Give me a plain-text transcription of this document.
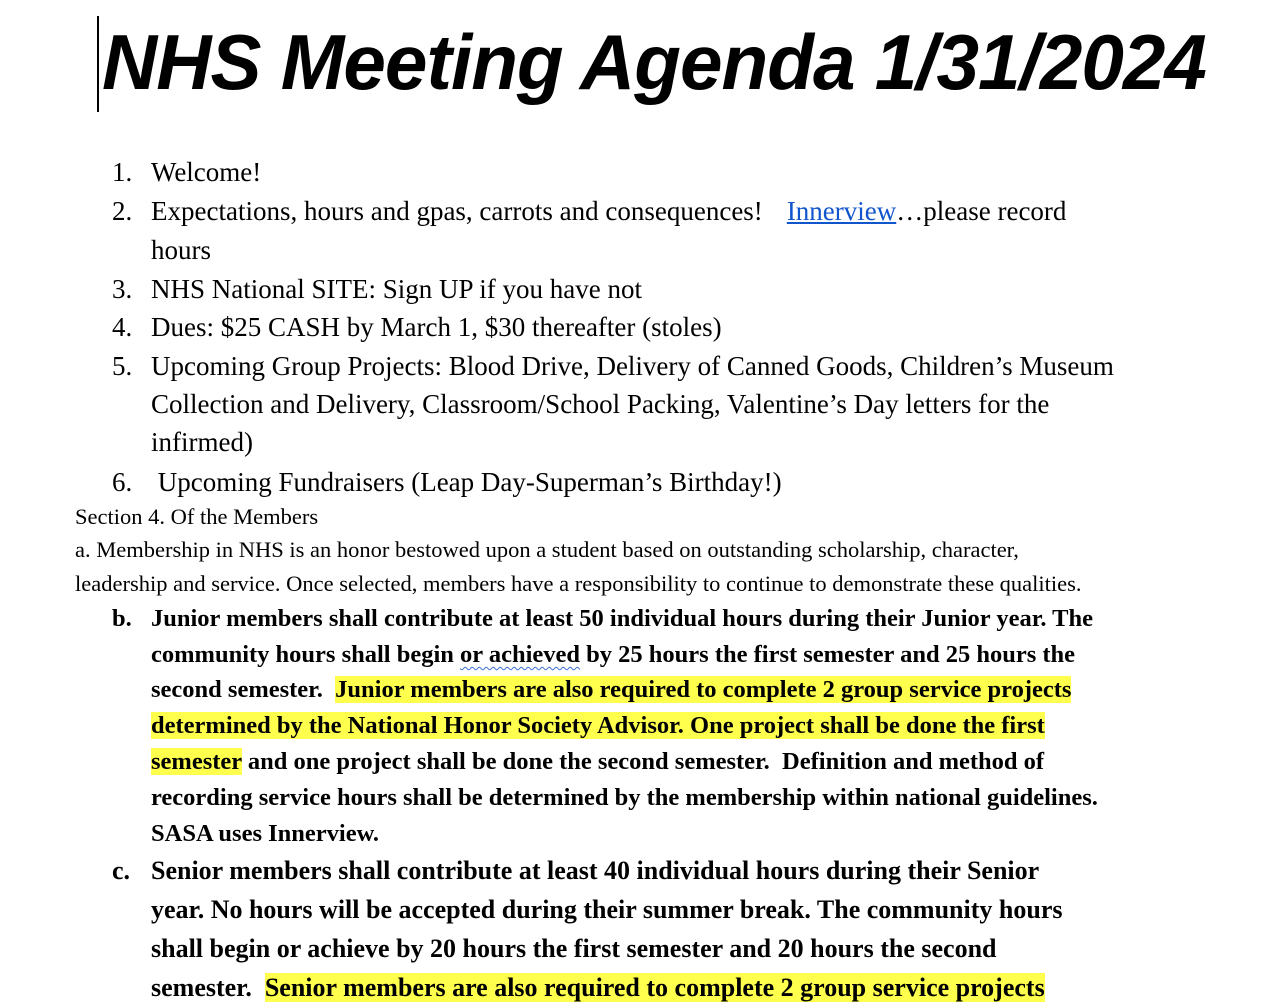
NHS Meeting Agenda 1/31/2024
1. Welcome!
2. Expectations, hours and gpas, carrots and consequences! Innerview…please record
hours
3. NHS National SITE: Sign UP if you have not
4. Dues: $25 CASH by March 1, $30 thereafter (stoles)
5. Upcoming Group Projects: Blood Drive, Delivery of Canned Goods, Children’s Museum
Collection and Delivery, Classroom/School Packing, Valentine’s Day letters for the
infirmed)
6. Upcoming Fundraisers (Leap Day-Superman’s Birthday!)
Section 4. Of the Members
a. Membership in NHS is an honor bestowed upon a student based on outstanding scholarship, character,
leadership and service. Once selected, members have a responsibility to continue to demonstrate these qualities.
b. Junior members shall contribute at least 50 individual hours during their Junior year. The
community hours shall begin or achieved by 25 hours the first semester and 25 hours the
second semester.  Junior members are also required to complete 2 group service projects
determined by the National Honor Society Advisor. One project shall be done the first
semester and one project shall be done the second semester.  Definition and method of
recording service hours shall be determined by the membership within national guidelines.
SASA uses Innerview.
c. Senior members shall contribute at least 40 individual hours during their Senior
year. No hours will be accepted during their summer break. The community hours
shall begin or achieve by 20 hours the first semester and 20 hours the second
semester.  Senior members are also required to complete 2 group service projects
